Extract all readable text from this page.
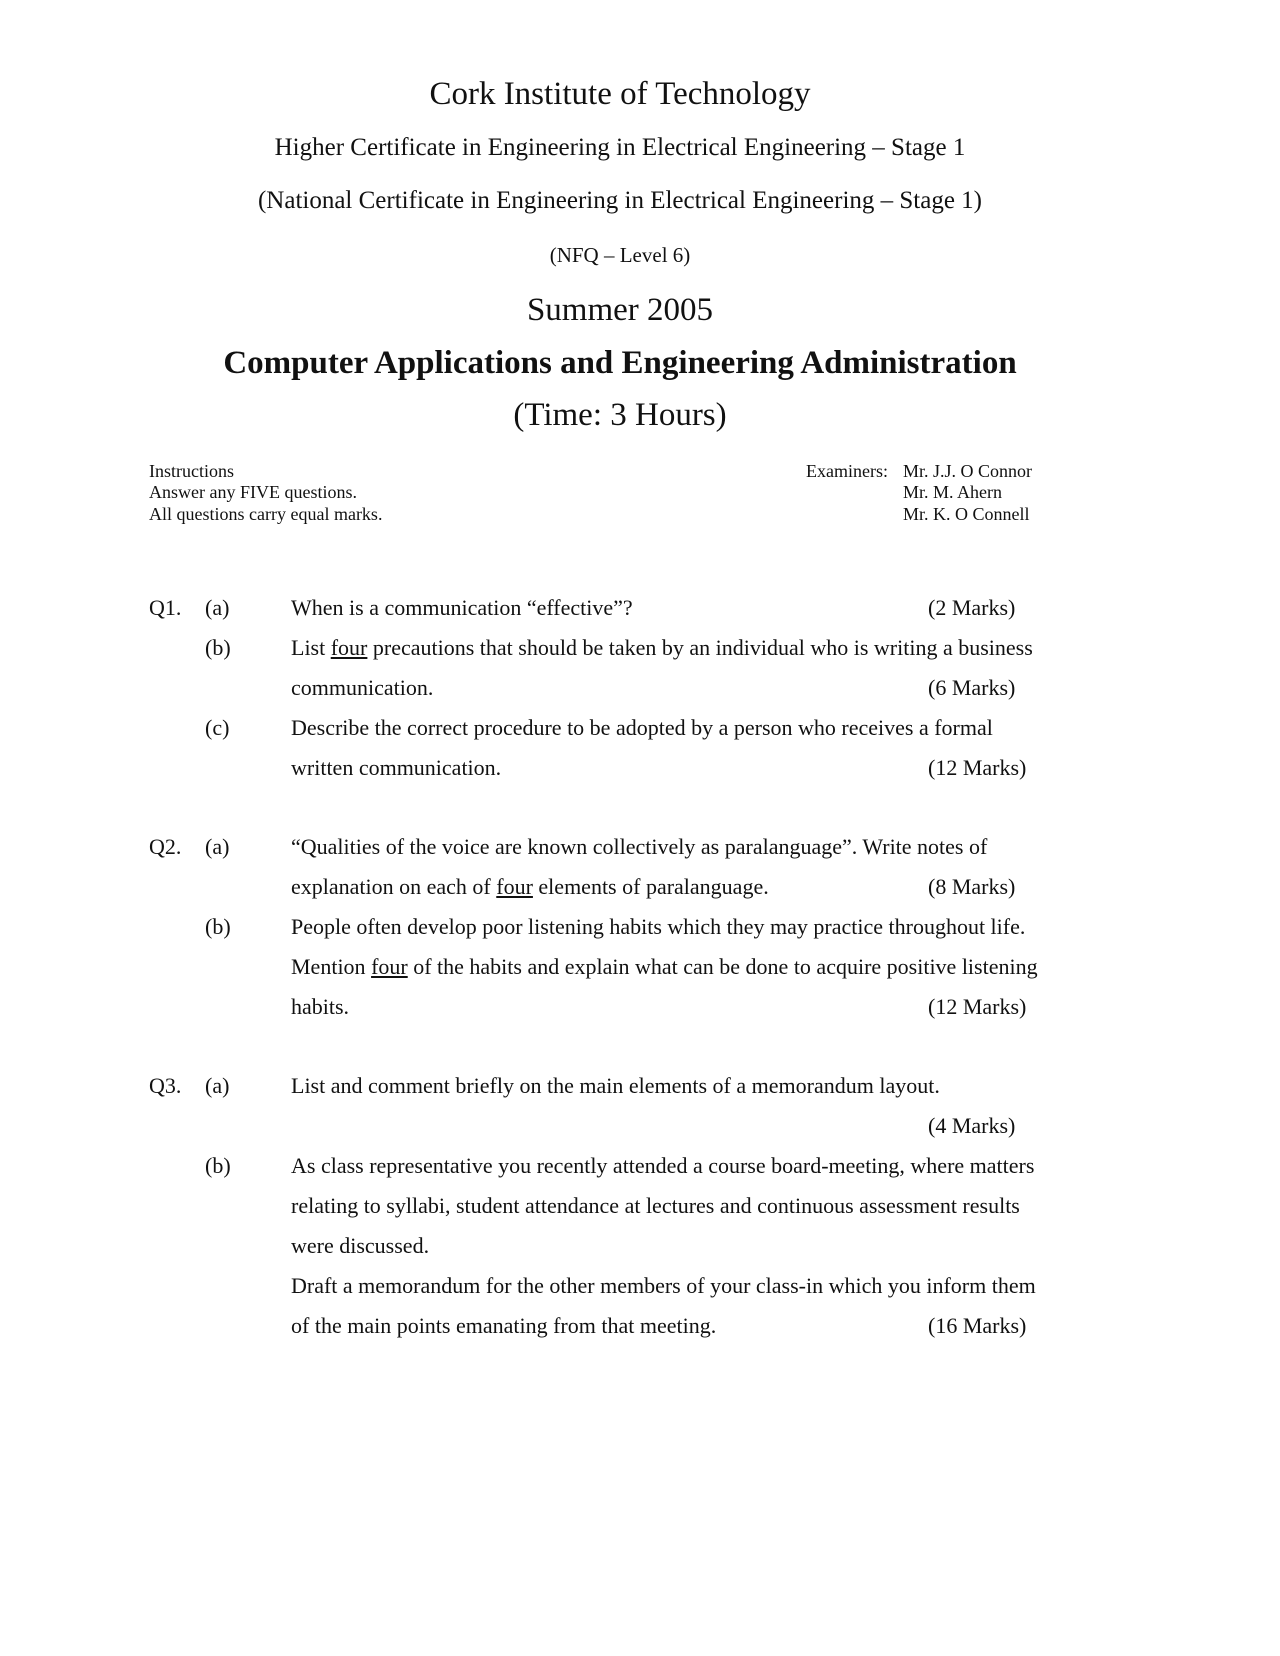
Cork Institute of Technology
Higher Certificate in Engineering in Electrical Engineering – Stage 1
(National Certificate in Engineering in Electrical Engineering – Stage 1)
(NFQ – Level 6)
Summer 2005
Computer Applications and Engineering Administration
(Time: 3 Hours)
Instructions
Answer any FIVE questions.
All questions carry equal marks.
Examiners: Mr. J.J. O Connor
Mr. M. Ahern
Mr. K. O Connell
Q1. (a)	When is a communication “effective”?	(2 Marks)
(b)	List four precautions that should be taken by an individual who is writing a business
communication.	(6 Marks)
(c)	Describe the correct procedure to be adopted by a person who receives a formal
written communication.	(12 Marks)
Q2. (a)	“Qualities of the voice are known collectively as paralanguage”. Write notes of
explanation on each of four elements of paralanguage.	(8 Marks)
(b)	People often develop poor listening habits which they may practice throughout life.
Mention four of the habits and explain what can be done to acquire positive listening
habits.	(12 Marks)
Q3. (a)	List and comment briefly on the main elements of a memorandum layout.
(4 Marks)
(b)	As class representative you recently attended a course board-meeting, where matters
relating to syllabi, student attendance at lectures and continuous assessment results
were discussed.
Draft a memorandum for the other members of your class-in which you inform them
of the main points emanating from that meeting.	(16 Marks)
